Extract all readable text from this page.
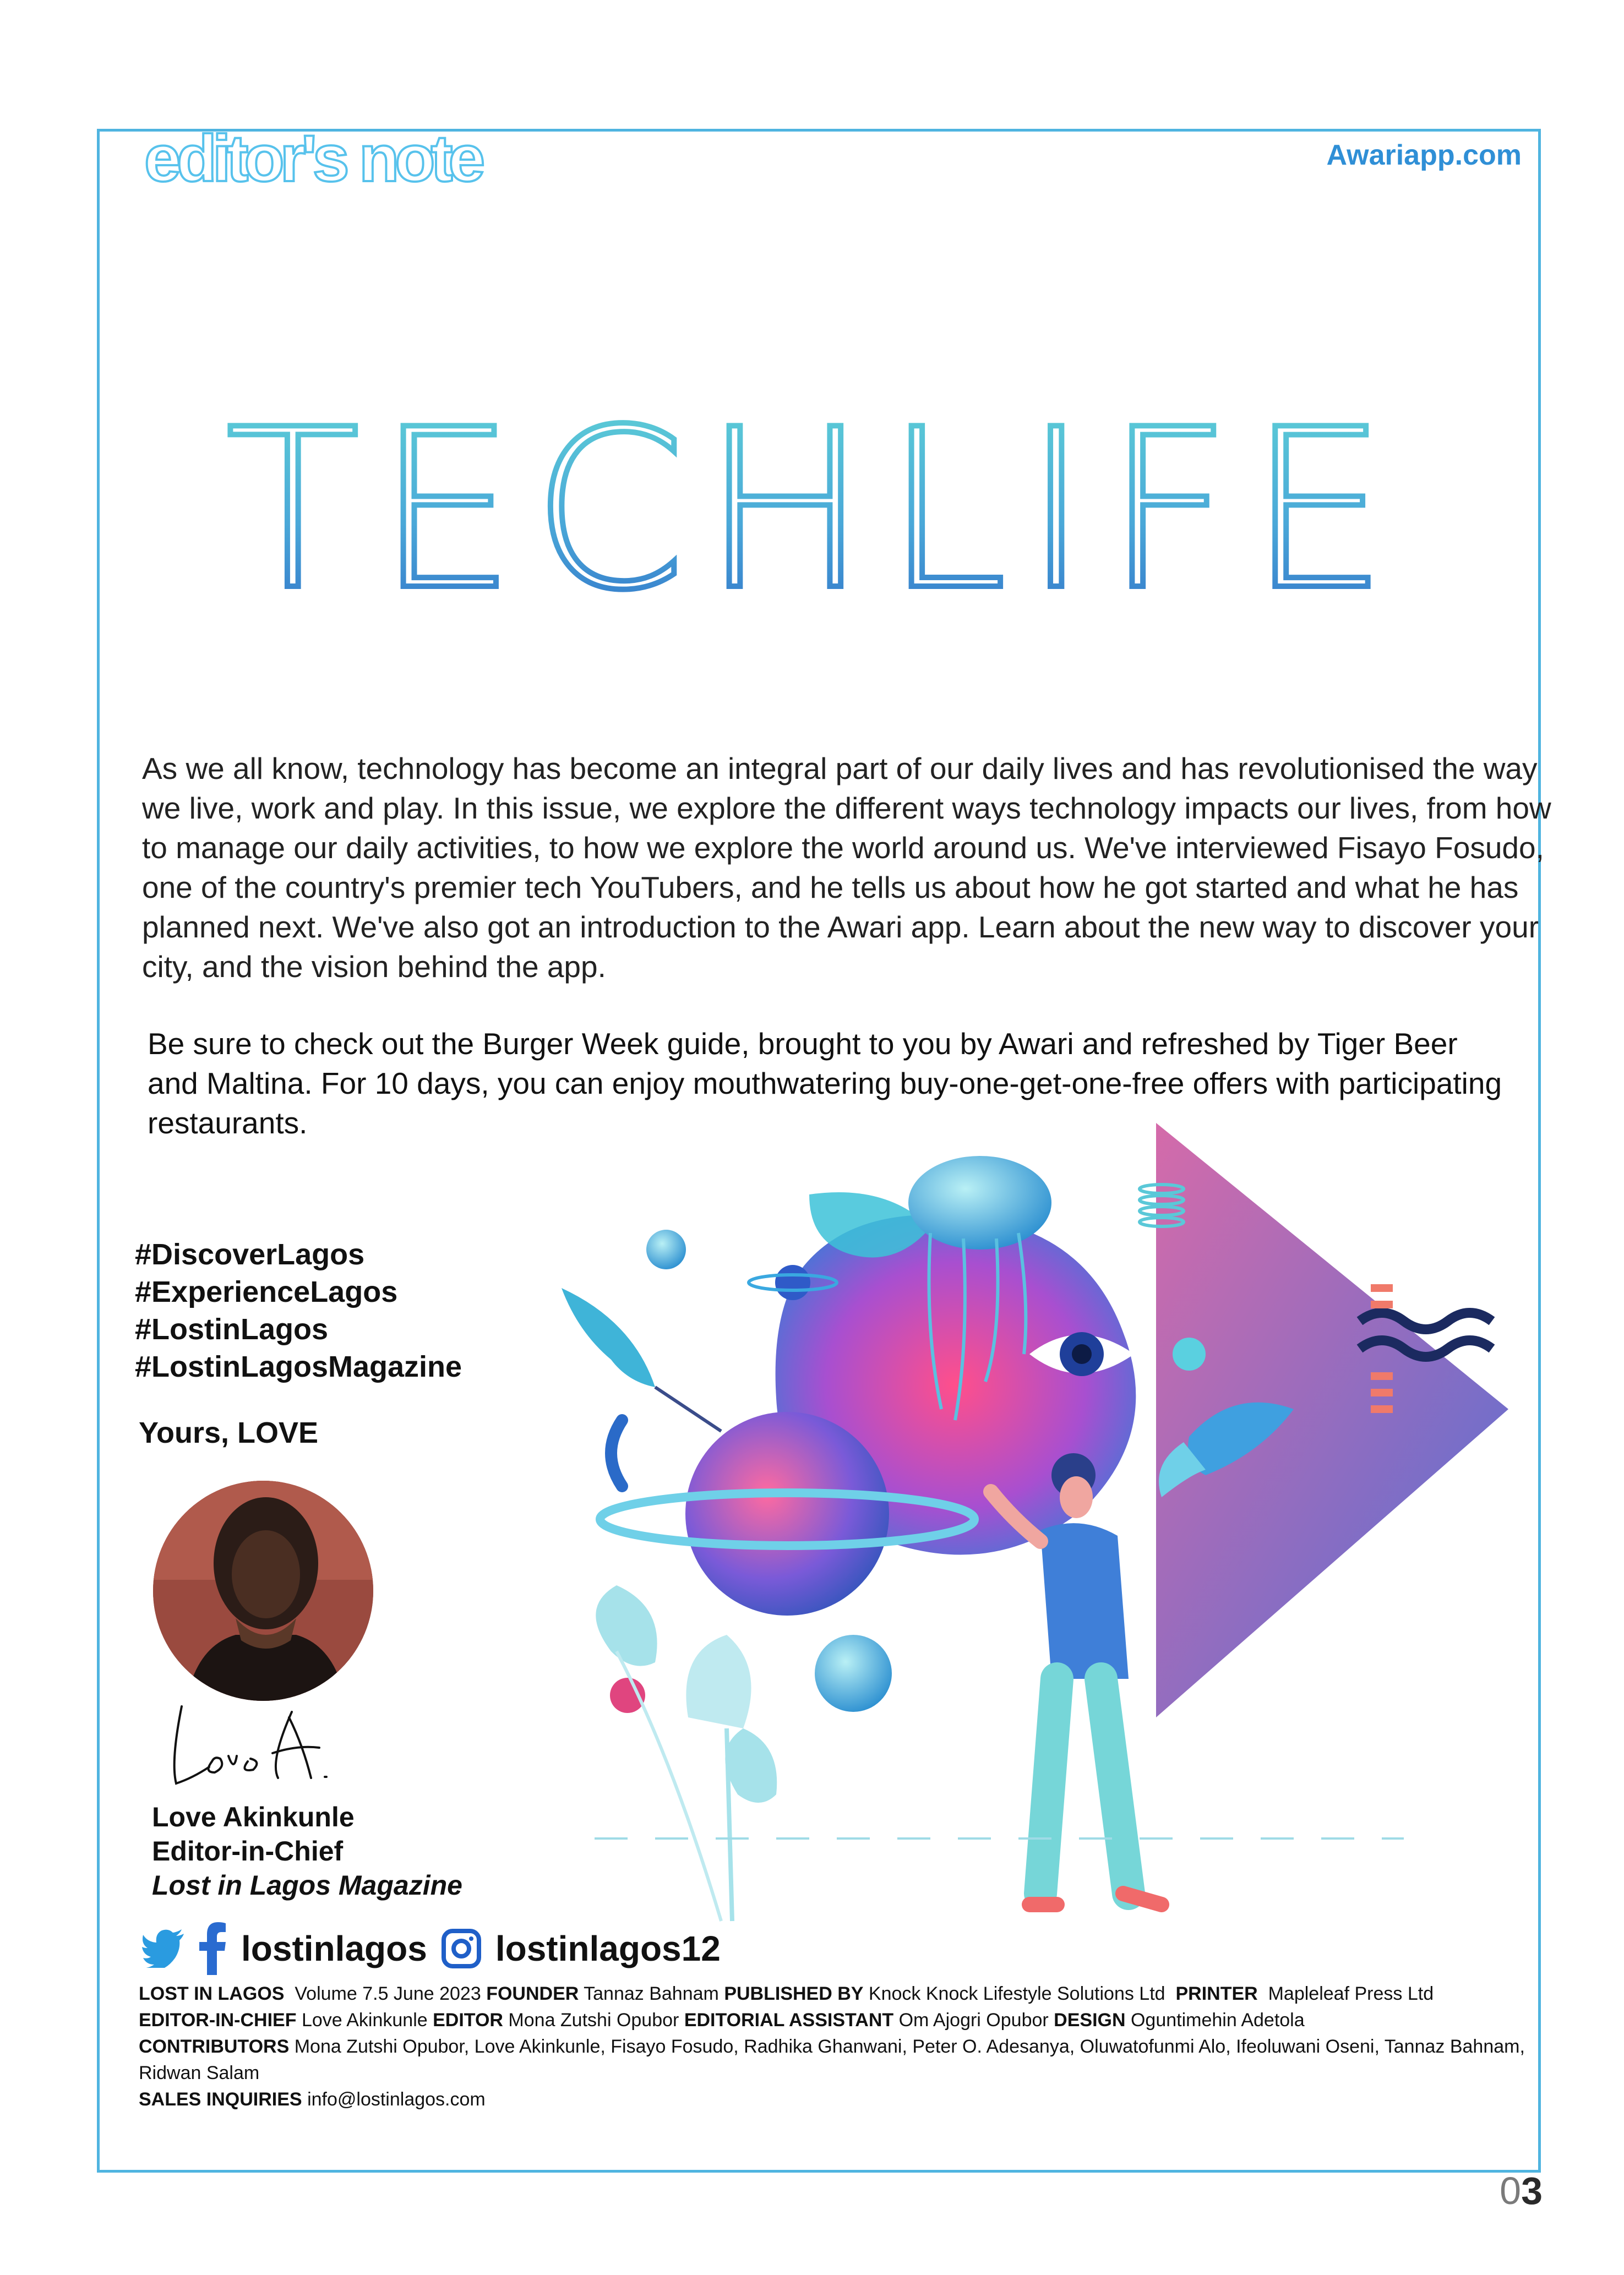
editor's note	Awariapp.com
TECHLIFE

As we all know, technology has become an integral part of our daily lives and has revolutionised the way we live, work and play. In this issue, we explore the different ways technology impacts our lives, from how to manage our daily activities, to how we explore the world around us. We've interviewed Fisayo Fosudo, one of the country's premier tech YouTubers, and he tells us about how he got started and what he has planned next. We've also got an introduction to the Awari app. Learn about the new way to discover your city, and the vision behind the app.

Be sure to check out the Burger Week guide, brought to you by Awari and refreshed by Tiger Beer and Maltina. For 10 days, you can enjoy mouthwatering buy-one-get-one-free offers with participating restaurants.
#DiscoverLagos
#ExperienceLagos
#LostinLagos
#LostinLagosMagazine
Yours, LOVE
Love Akinkunle
Editor-in-Chief
Lost in Lagos Magazine
lostinlagos lostinlagos12
LOST IN LAGOS Volume 7.5 June 2023 FOUNDER Tannaz Bahnam PUBLISHED BY Knock Knock Lifestyle Solutions Ltd PRINTER Mapleleaf Press Ltd
EDITOR-IN-CHIEF Love Akinkunle EDITOR Mona Zutshi Opubor EDITORIAL ASSISTANT Om Ajogri Opubor DESIGN Oguntimehin Adetola
CONTRIBUTORS Mona Zutshi Opubor, Love Akinkunle, Fisayo Fosudo, Radhika Ghanwani, Peter O. Adesanya, Oluwatofunmi Alo, Ifeoluwani Oseni, Tannaz Bahnam, Ridwan Salam
SALES INQUIRIES info@lostinlagos.com
03
